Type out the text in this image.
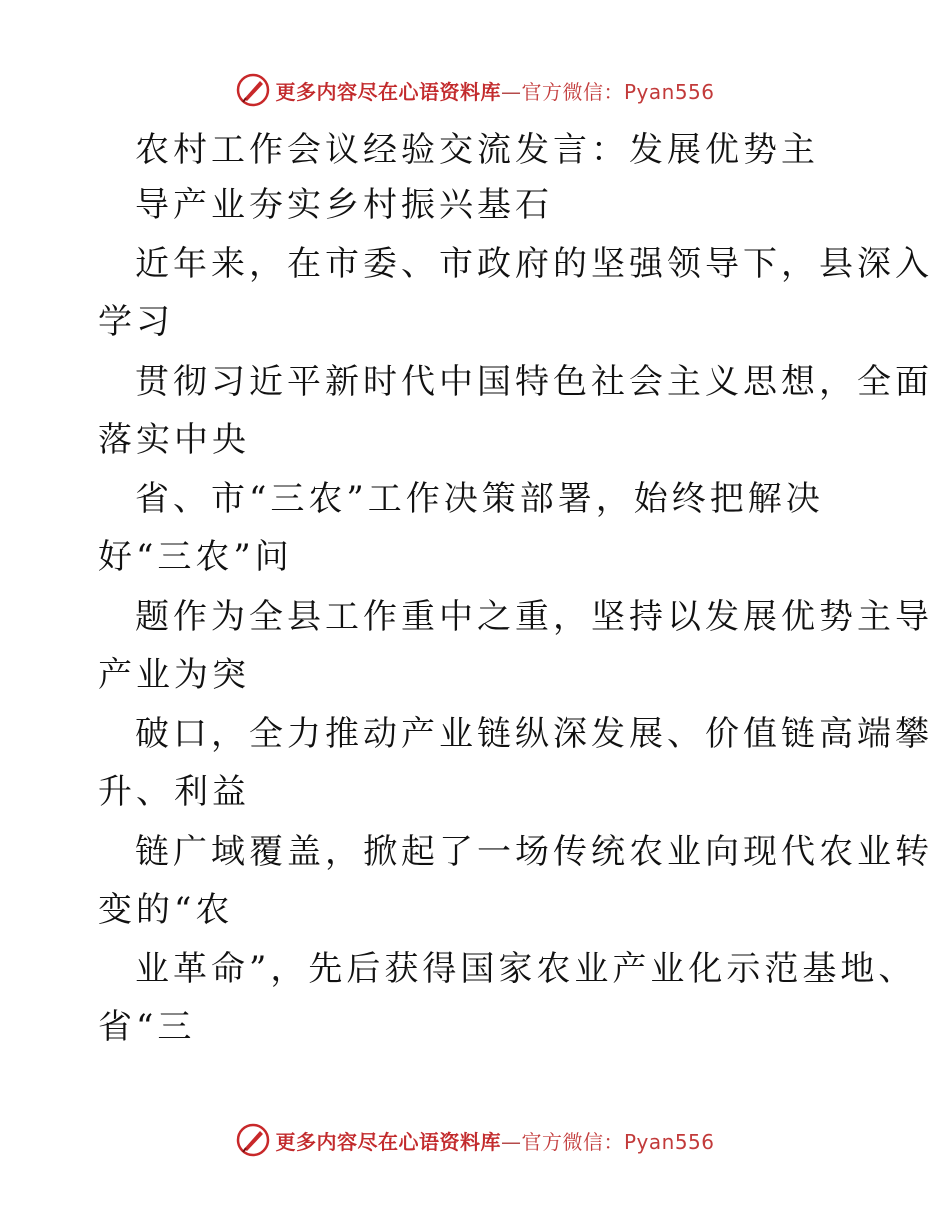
更多内容尽在心语资料库—官方微信：Pyan556
农村工作会议经验交流发言：发展优势主
导产业夯实乡村振兴基石
近年来，在市委、市政府的坚强领导下，县深入
学习
贯彻习近平新时代中国特色社会主义思想，全面
落实中央
省、市“三农”工作决策部署，始终把解决
好“三农”问
题作为全县工作重中之重，坚持以发展优势主导
产业为突
破口，全力推动产业链纵深发展、价值链高端攀
升、利益
链广域覆盖，掀起了一场传统农业向现代农业转
变的“农
业革命”，先后获得国家农业产业化示范基地、
省“三
更多内容尽在心语资料库—官方微信：Pyan556
